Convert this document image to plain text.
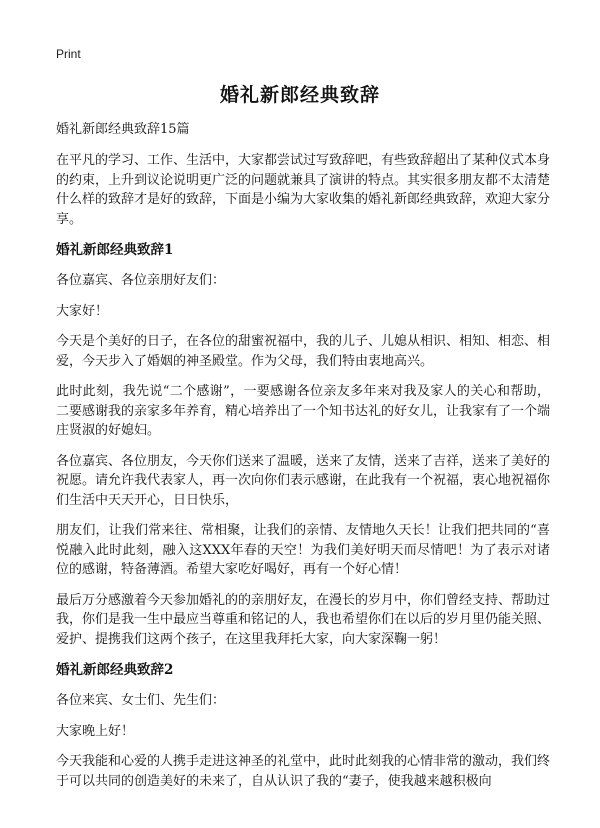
Print
婚礼新郎经典致辞

婚礼新郎经典致辞15篇

在平凡的学习、工作、生活中，大家都尝试过写致辞吧，有些致辞超出了某种仪式本身的约束，上升到议论说明更广泛的问题就兼具了演讲的特点。其实很多朋友都不太清楚什么样的致辞才是好的致辞，下面是小编为大家收集的婚礼新郎经典致辞，欢迎大家分享。

婚礼新郎经典致辞1

各位嘉宾、各位亲朋好友们：

大家好！

今天是个美好的日子，在各位的甜蜜祝福中，我的儿子、儿媳从相识、相知、相恋、相爱，今天步入了婚姻的神圣殿堂。作为父母，我们特由衷地高兴。

此时此刻，我先说“二个感谢”，一要感谢各位亲友多年来对我及家人的关心和帮助，二要感谢我的亲家多年养育，精心培养出了一个知书达礼的好女儿，让我家有了一个端庄贤淑的好媳妇。

各位嘉宾、各位朋友，今天你们送来了温暖，送来了友情，送来了吉祥，送来了美好的祝愿。请允许我代表家人，再一次向你们表示感谢，在此我有一个祝福，衷心地祝福你们生活中天天开心，日日快乐，

朋友们，让我们常来往、常相聚，让我们的亲情、友情地久天长！让我们把共同的“喜悦融入此时此刻，融入这XXX年春的天空！为我们美好明天而尽情吧！为了表示对诸位的感谢，特备薄酒。希望大家吃好喝好，再有一个好心情！

最后万分感激着今天参加婚礼的的亲朋好友，在漫长的岁月中，你们曾经支持、帮助过我，你们是我一生中最应当尊重和铭记的人，我也希望你们在以后的岁月里仍能关照、爱护、提携我们这两个孩子，在这里我拜托大家，向大家深鞠一躬！

婚礼新郎经典致辞2

各位来宾、女士们、先生们：

大家晚上好！

今天我能和心爱的人携手走进这神圣的礼堂中，此时此刻我的心情非常的激动，我们终于可以共同的创造美好的未来了，自从认识了我的“妻子，使我越来越积极向
